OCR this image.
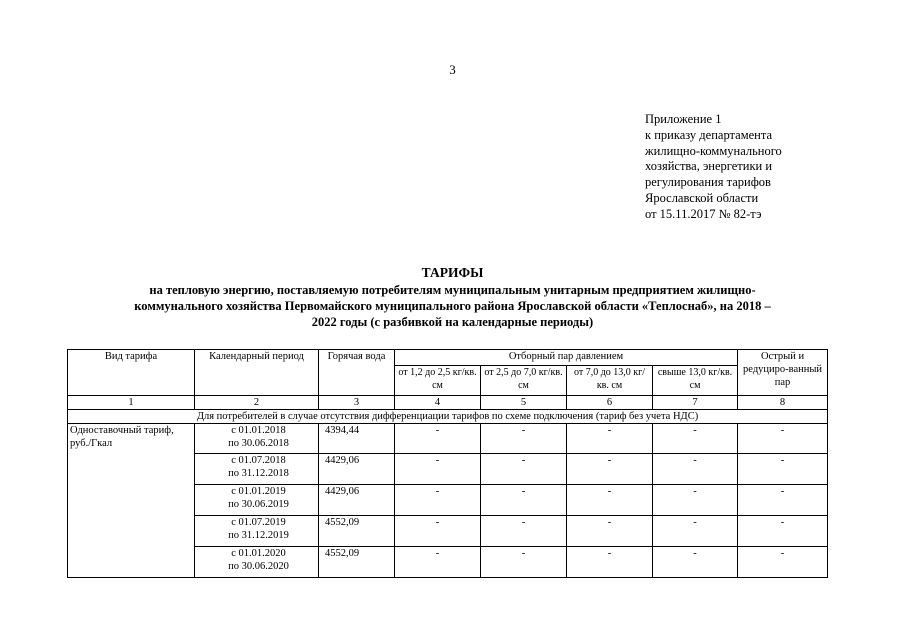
3
Приложение 1
к приказу департамента
жилищно-коммунального
хозяйства, энергетики и
регулирования тарифов
Ярославской области
от 15.11.2017 № 82-тэ
ТАРИФЫ
на тепловую энергию, поставляемую потребителям муниципальным унитарным предприятием жилищно-
коммунального хозяйства Первомайского муниципального района Ярославской области «Теплоснаб», на 2018 –
2022 годы (с разбивкой на календарные периоды)
Вид тарифа	Календарный период	Горячая вода	Отборный пар давлением				Острый и редуциро-ванный пар
			от 1,2 до 2,5 кг/кв. см	от 2,5 до 7,0 кг/кв. см	от 7,0 до 13,0 кг/кв. см	свыше 13,0 кг/кв. см	

1	2	3	4	5	6	7	8
Для потребителей в случае отсутствия дифференциации тарифов по схеме подключения (тариф без учета НДС)							
Одноставочный тариф, руб./Гкал	с 01.01.2018
по 30.06.2018	4394,44	-	-	-	-	-

	с 01.07.2018
по 31.12.2018	4429,06	-	-	-	-	-

	с 01.01.2019
по 30.06.2019	4429,06	-	-	-	-	-

	с 01.07.2019
по 31.12.2019	4552,09	-	-	-	-	-

	с 01.01.2020
по 30.06.2020	4552,09	-	-	-	-	-
